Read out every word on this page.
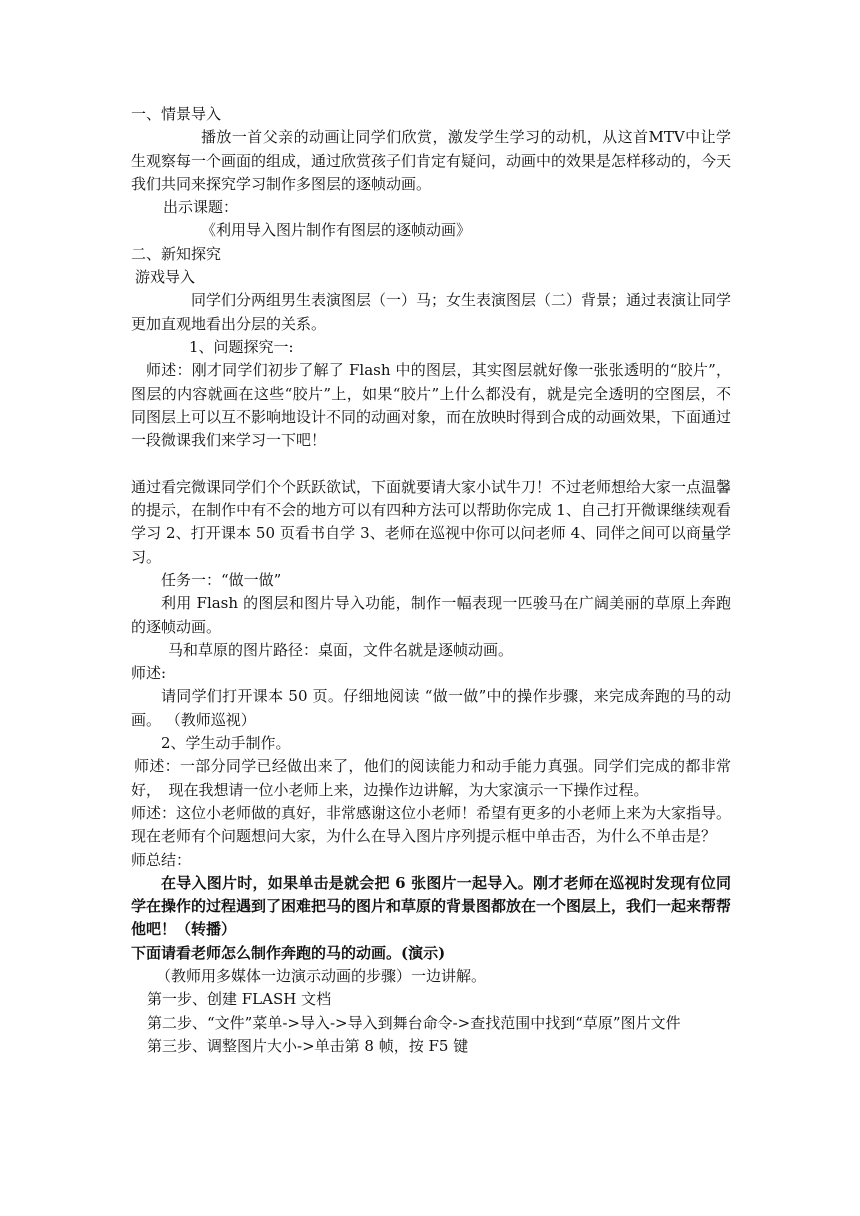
一、情景导入

播放一首父亲的动画让同学们欣赏，激发学生学习的动机，从这首MTV中让学生观察每一个画面的组成，通过欣赏孩子们肯定有疑问，动画中的效果是怎样移动的，今天我们共同来探究学习制作多图层的逐帧动画。

出示课题：

《利用导入图片制作有图层的逐帧动画》

二、新知探究

游戏导入

同学们分两组男生表演图层（一）马；女生表演图层（二）背景；通过表演让同学更加直观地看出分层的关系。

1、问题探究一:

师述：刚才同学们初步了解了 Flash 中的图层，其实图层就好像一张张透明的“胶片”，图层的内容就画在这些“胶片”上，如果“胶片”上什么都没有，就是完全透明的空图层，不同图层上可以互不影响地设计不同的动画对象，而在放映时得到合成的动画效果，下面通过一段微课我们来学习一下吧！

通过看完微课同学们个个跃跃欲试，下面就要请大家小试牛刀！不过老师想给大家一点温馨的提示，在制作中有不会的地方可以有四种方法可以帮助你完成 1、自己打开微课继续观看学习 2、打开课本 50 页看书自学 3、老师在巡视中你可以问老师 4、同伴之间可以商量学习。

任务一：“做一做”

利用 Flash 的图层和图片导入功能，制作一幅表现一匹骏马在广阔美丽的草原上奔跑的逐帧动画。

马和草原的图片路径：桌面，文件名就是逐帧动画。

师述:

请同学们打开课本 50 页。仔细地阅读 “做一做”中的操作步骤，来完成奔跑的马的动画。 （教师巡视）

2、学生动手制作。

师述：一部分同学已经做出来了，他们的阅读能力和动手能力真强。同学们完成的都非常好，　现在我想请一位小老师上来，边操作边讲解，为大家演示一下操作过程。

师述：这位小老师做的真好，非常感谢这位小老师！希望有更多的小老师上来为大家指导。现在老师有个问题想问大家，为什么在导入图片序列提示框中单击否，为什么不单击是？

师总结：

在导入图片时，如果单击是就会把 6 张图片一起导入。刚才老师在巡视时发现有位同学在操作的过程遇到了困难把马的图片和草原的背景图都放在一个图层上，我们一起来帮帮他吧！（转播）

下面请看老师怎么制作奔跑的马的动画。(演示)

（教师用多媒体一边演示动画的步骤）一边讲解。

第一步、创建 FLASH 文档

第二步、“文件”菜单->导入->导入到舞台命令->查找范围中找到“草原”图片文件

第三步、调整图片大小->单击第 8 帧，按 F5 键
